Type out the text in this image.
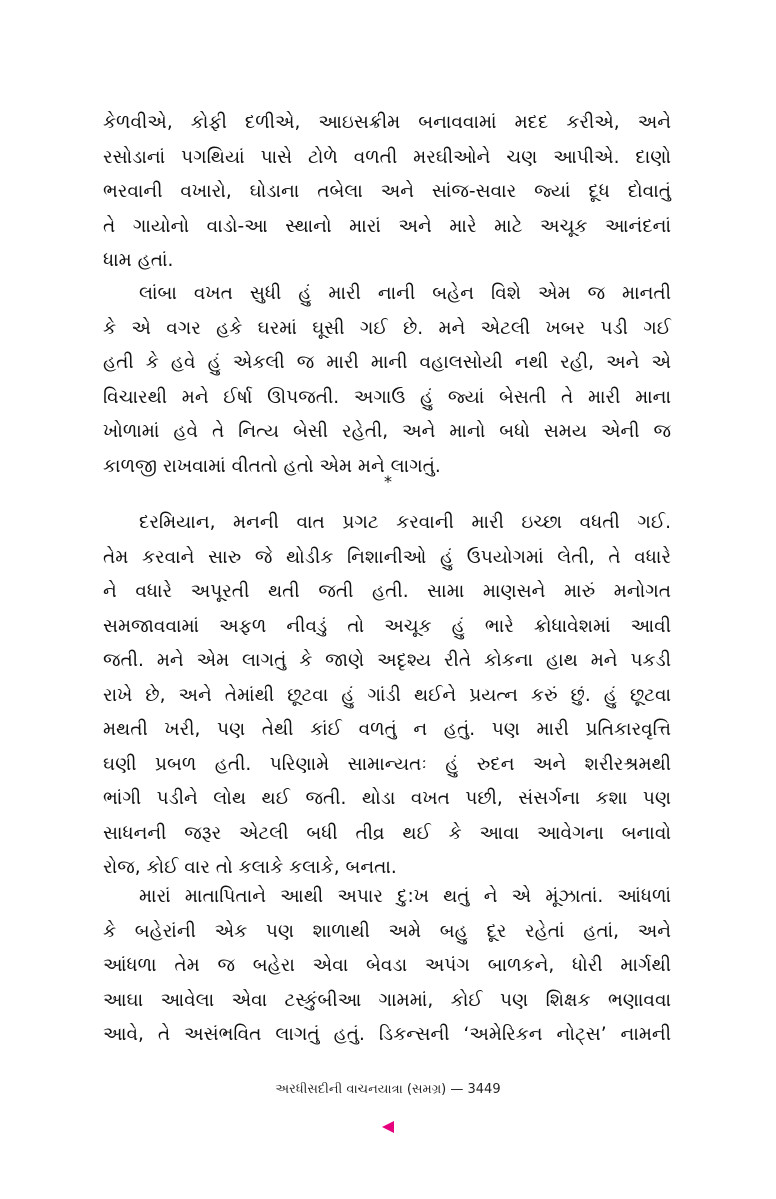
કેળવીએ, કોફી દળીએ, આઇસક્રીમ બનાવવામાં મદદ કરીએ, અને
રસોડાનાં પગથિયાં પાસે ટોળે વળતી મરઘીઓને ચણ આપીએ. દાણો
ભરવાની વખારો, ઘોડાના તબેલા અને સાંજ-સવાર જ્યાં દૂધ દોવાતું
તે ગાયોનો વાડો-આ સ્થાનો મારાં અને મારે માટે અચૂક આનંદનાં
ધામ હતાં.
લાંબા વખત સુધી હું મારી નાની બહેન વિશે એમ જ માનતી
કે એ વગર હકે ઘરમાં ઘૂસી ગઈ છે. મને એટલી ખબર પડી ગઈ
હતી કે હવે હું એકલી જ મારી માની વહાલસોયી નથી રહી, અને એ
વિચારથી મને ઈર્ષા ઊપજતી. અગાઉ હું જ્યાં બેસતી તે મારી માના
ખોળામાં હવે તે નિત્ય બેસી રહેતી, અને માનો બધો સમય એની જ
કાળજી રાખવામાં વીતતો હતો એમ મને લાગતું.
*
દરમિયાન, મનની વાત પ્રગટ કરવાની મારી ઇચ્છા વધતી ગઈ.
તેમ કરવાને સારુ જે થોડીક નિશાનીઓ હું ઉપયોગમાં લેતી, તે વધારે
ને વધારે અપૂરતી થતી જતી હતી. સામા માણસને મારું મનોગત
સમજાવવામાં અફળ નીવડું તો અચૂક હું ભારે ક્રોધાવેશમાં આવી
જતી. મને એમ લાગતું કે જાણે અદૃશ્ય રીતે કોકના હાથ મને પકડી
રાખે છે, અને તેમાંથી છૂટવા હું ગાંડી થઈને પ્રયત્ન કરું છું. હું છૂટવા
મથતી ખરી, પણ તેથી કાંઈ વળતું ન હતું. પણ મારી પ્રતિકારવૃત્તિ
ઘણી પ્રબળ હતી. પરિણામે સામાન્યતઃ હું રુદન અને શરીરશ્રમથી
ભાંગી પડીને લોથ થઈ જતી. થોડા વખત પછી, સંસર્ગના કશા પણ
સાધનની જરૂર એટલી બધી તીવ્ર થઈ કે આવા આવેગના બનાવો
રોજ, કોઈ વાર તો કલાકે કલાકે, બનતા.
મારાં માતાપિતાને આથી અપાર દુ:ખ થતું ને એ મૂંઝાતાં. આંધળાં
કે બહેરાંની એક પણ શાળાથી અમે બહુ દૂર રહેતાં હતાં, અને
આંધળા તેમ જ બહેરા એવા બેવડા અપંગ બાળકને, ધોરી માર્ગથી
આઘા આવેલા એવા ટસ્કુંબીઆ ગામમાં, કોઈ પણ શિક્ષક ભણાવવા
આવે, તે અસંભવિત લાગતું હતું. ડિકન્સની ‘અમેરિકન નોટ્સ’ નામની
અરધીસદીની વાચનયાત્રા (સમગ્ર) — 3449
